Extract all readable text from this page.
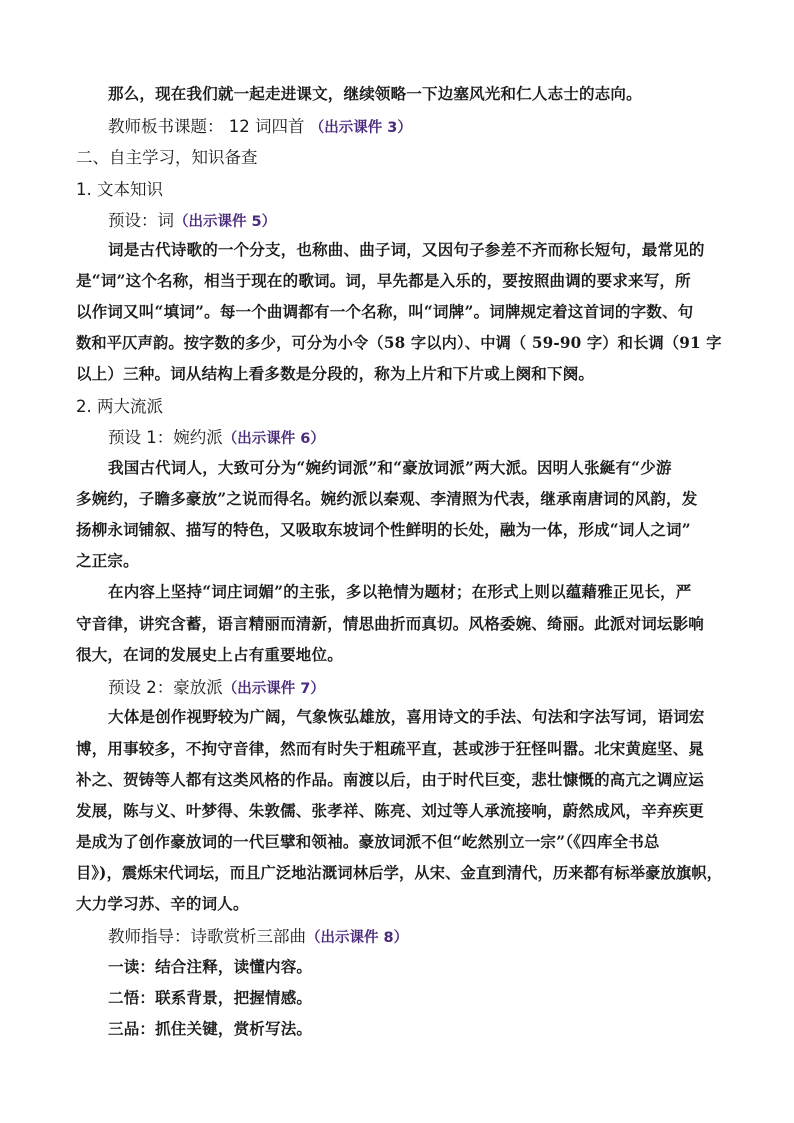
那么，现在我们就一起走进课文，继续领略一下边塞风光和仁人志士的志向。
教师板书课题： 12 词四首 （出示课件 3）
二、自主学习，知识备查
1. 文本知识
预设：词（出示课件 5）
词是古代诗歌的一个分支，也称曲、曲子词，又因句子参差不齐而称长短句，最常见的
是“词”这个名称，相当于现在的歌词。词，早先都是入乐的，要按照曲调的要求来写，所
以作词又叫“填词”。每一个曲调都有一个名称，叫“词牌”。词牌规定着这首词的字数、句
数和平仄声韵。按字数的多少，可分为小令（58 字以内）、中调（ 59-90 字）和长调（91 字
以上）三种。词从结构上看多数是分段的，称为上片和下片或上阕和下阕。
2. 两大流派
预设 1：婉约派（出示课件 6）
我国古代词人，大致可分为“婉约词派”和“豪放词派”两大派。因明人张綖有“少游
多婉约，子瞻多豪放”之说而得名。婉约派以秦观、李清照为代表，继承南唐词的风韵，发
扬柳永词铺叙、描写的特色，又吸取东坡词个性鲜明的长处，融为一体，形成“词人之词”
之正宗。
在内容上坚持“词庄词媚”的主张，多以艳情为题材；在形式上则以蕴藉雅正见长，严
守音律，讲究含蓄，语言精丽而清新，情思曲折而真切。风格委婉、绮丽。此派对词坛影响
很大，在词的发展史上占有重要地位。
预设 2：豪放派（出示课件 7）
大体是创作视野较为广阔，气象恢弘雄放，喜用诗文的手法、句法和字法写词，语词宏
博，用事较多，不拘守音律，然而有时失于粗疏平直，甚或涉于狂怪叫嚣。北宋黄庭坚、晁
补之、贺铸等人都有这类风格的作品。南渡以后，由于时代巨变，悲壮慷慨的高亢之调应运
发展，陈与义、叶梦得、朱敦儒、张孝祥、陈亮、刘过等人承流接响，蔚然成风，辛弃疾更
是成为了创作豪放词的一代巨擘和领袖。豪放词派不但“屹然别立一宗”（《四库全书总
目》)，震烁宋代词坛，而且广泛地沾溉词林后学，从宋、金直到清代，历来都有标举豪放旗帜，
大力学习苏、辛的词人。
教师指导：诗歌赏析三部曲（出示课件 8）
一读：结合注释，读懂内容。
二悟：联系背景，把握情感。
三品：抓住关键，赏析写法。
